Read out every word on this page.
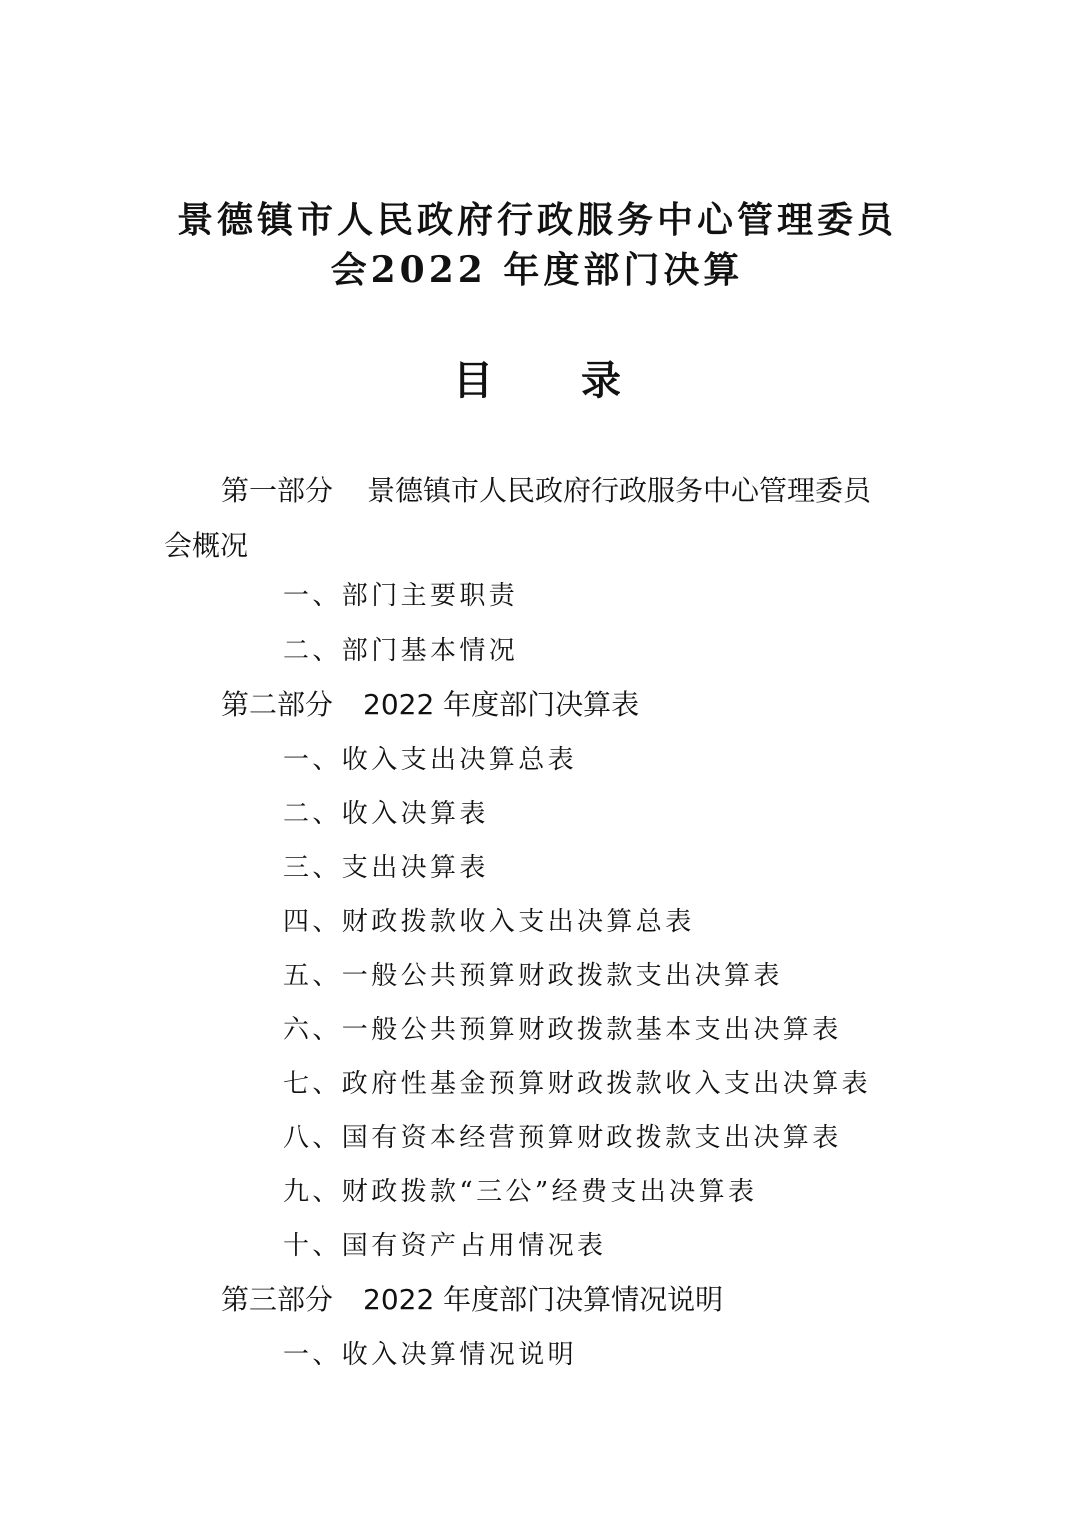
景德镇市人民政府行政服务中心管理委员
会2022 年度部门决算
目 录
第一部分 景德镇市人民政府行政服务中心管理委员
会概况
一、部门主要职责
二、部门基本情况
第二部分 2022 年度部门决算表
一、收入支出决算总表
二、收入决算表
三、支出决算表
四、财政拨款收入支出决算总表
五、一般公共预算财政拨款支出决算表
六、一般公共预算财政拨款基本支出决算表
七、政府性基金预算财政拨款收入支出决算表
八、国有资本经营预算财政拨款支出决算表
九、财政拨款“三公”经费支出决算表
十、国有资产占用情况表
第三部分 2022 年度部门决算情况说明
一、收入决算情况说明
